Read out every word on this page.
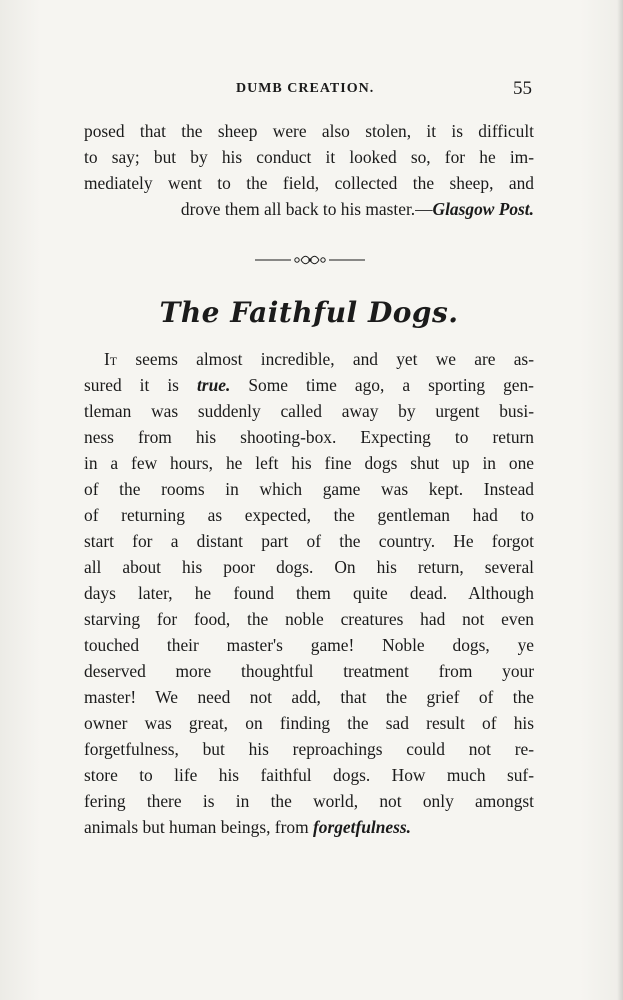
DUMB CREATION.	55
posed that the sheep were also stolen, it is difficult
to say; but by his conduct it looked so, for he im-
mediately went to the field, collected the sheep, and
drove them all back to his master.—Glasgow Post.
The Faithful Dogs.
It seems almost incredible, and yet we are as-
sured it is true. Some time ago, a sporting gen-
tleman was suddenly called away by urgent busi-
ness from his shooting-box. Expecting to return
in a few hours, he left his fine dogs shut up in one
of the rooms in which game was kept. Instead
of returning as expected, the gentleman had to
start for a distant part of the country. He forgot
all about his poor dogs. On his return, several
days later, he found them quite dead. Although
starving for food, the noble creatures had not even
touched their master's game! Noble dogs, ye
deserved more thoughtful treatment from your
master! We need not add, that the grief of the
owner was great, on finding the sad result of his
forgetfulness, but his reproachings could not re-
store to life his faithful dogs. How much suf-
fering there is in the world, not only amongst
animals but human beings, from forgetfulness.
